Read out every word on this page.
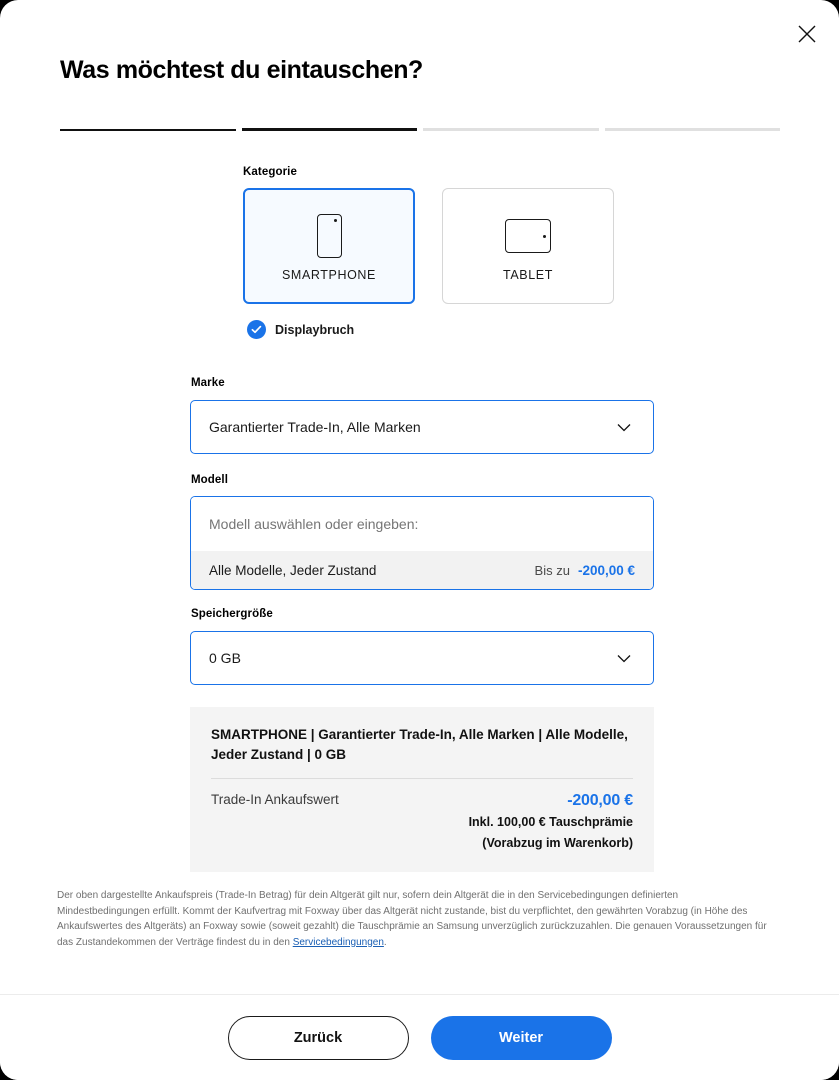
Was möchtest du eintauschen?
Kategorie
SMARTPHONE	TABLET
Displaybruch
Marke
Garantierter Trade-In, Alle Marken
Modell
Modell auswählen oder eingeben:
Alle Modelle, Jeder Zustand	Bis zu -200,00 €
Speichergröße
0 GB
SMARTPHONE | Garantierter Trade-In, Alle Marken | Alle Modelle, Jeder Zustand | 0 GB
Trade-In Ankaufswert	-200,00 €
Inkl. 100,00 € Tauschprämie
(Vorabzug im Warenkorb)
Der oben dargestellte Ankaufspreis (Trade-In Betrag) für dein Altgerät gilt nur, sofern dein Altgerät die in den Servicebedingungen definierten Mindestbedingungen erfüllt. Kommt der Kaufvertrag mit Foxway über das Altgerät nicht zustande, bist du verpflichtet, den gewährten Vorabzug (in Höhe des Ankaufswertes des Altgeräts) an Foxway sowie (soweit gezahlt) die Tauschprämie an Samsung unverzüglich zurückzuzahlen. Die genauen Voraussetzungen für das Zustandekommen der Verträge findest du in den Servicebedingungen.
Zurück	Weiter
